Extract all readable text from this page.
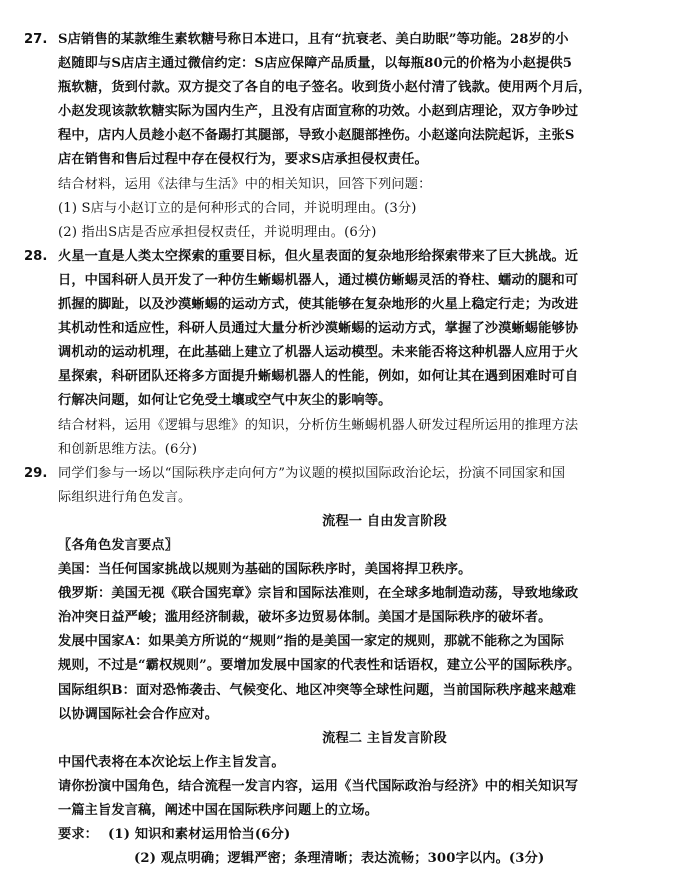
27. S店销售的某款维生素软糖号称日本进口，且有“抗衰老、美白助眠”等功能。28岁的小
赵随即与S店店主通过微信约定：S店应保障产品质量，以每瓶80元的价格为小赵提供5
瓶软糖，货到付款。双方提交了各自的电子签名。收到货小赵付清了钱款。使用两个月后，
小赵发现该款软糖实际为国内生产，且没有店面宣称的功效。小赵到店理论，双方争吵过
程中，店内人员趁小赵不备踢打其腿部，导致小赵腿部挫伤。小赵遂向法院起诉，主张S
店在销售和售后过程中存在侵权行为，要求S店承担侵权责任。
结合材料，运用《法律与生活》中的相关知识，回答下列问题：
(1) S店与小赵订立的是何种形式的合同，并说明理由。(3分)
(2) 指出S店是否应承担侵权责任，并说明理由。(6分)
28. 火星一直是人类太空探索的重要目标，但火星表面的复杂地形给探索带来了巨大挑战。近
日，中国科研人员开发了一种仿生蜥蜴机器人，通过模仿蜥蜴灵活的脊柱、蠕动的腿和可
抓握的脚趾，以及沙漠蜥蜴的运动方式，使其能够在复杂地形的火星上稳定行走；为改进
其机动性和适应性，科研人员通过大量分析沙漠蜥蜴的运动方式，掌握了沙漠蜥蜴能够协
调机动的运动机理，在此基础上建立了机器人运动模型。未来能否将这种机器人应用于火
星探索，科研团队还将多方面提升蜥蜴机器人的性能，例如，如何让其在遇到困难时可自
行解决问题，如何让它免受土壤或空气中灰尘的影响等。
结合材料，运用《逻辑与思维》的知识，分析仿生蜥蜴机器人研发过程所运用的推理方法
和创新思维方法。(6分)
29. 同学们参与一场以“国际秩序走向何方”为议题的模拟国际政治论坛，扮演不同国家和国
际组织进行角色发言。
流程一 自由发言阶段
〖各角色发言要点〗
美国：当任何国家挑战以规则为基础的国际秩序时，美国将捍卫秩序。
俄罗斯：美国无视《联合国宪章》宗旨和国际法准则，在全球多地制造动荡，导致地缘政
治冲突日益严峻；滥用经济制裁，破坏多边贸易体制。美国才是国际秩序的破坏者。
发展中国家A：如果美方所说的“规则”指的是美国一家定的规则，那就不能称之为国际
规则，不过是“霸权规则”。要增加发展中国家的代表性和话语权，建立公平的国际秩序。
国际组织B：面对恐怖袭击、气候变化、地区冲突等全球性问题，当前国际秩序越来越难
以协调国际社会合作应对。
流程二 主旨发言阶段
中国代表将在本次论坛上作主旨发言。
请你扮演中国角色，结合流程一发言内容，运用《当代国际政治与经济》中的相关知识写
一篇主旨发言稿，阐述中国在国际秩序问题上的立场。
要求： (1) 知识和素材运用恰当(6分)
(2) 观点明确；逻辑严密；条理清晰；表达流畅；300字以内。(3分)
